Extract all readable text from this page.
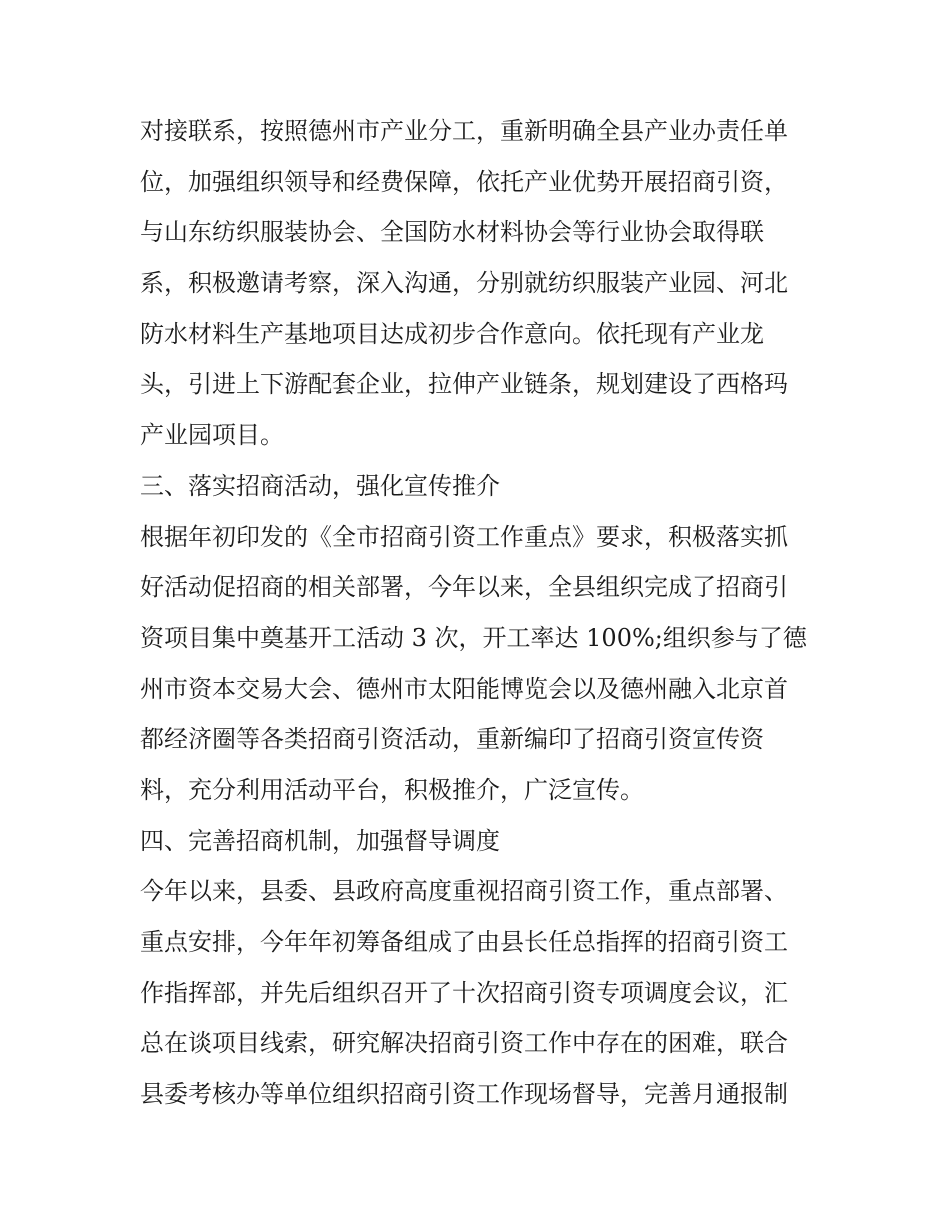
对接联系，按照德州市产业分工，重新明确全县产业办责任单
位，加强组织领导和经费保障，依托产业优势开展招商引资，
与山东纺织服装协会、全国防水材料协会等行业协会取得联
系，积极邀请考察，深入沟通，分别就纺织服装产业园、河北
防水材料生产基地项目达成初步合作意向。依托现有产业龙
头，引进上下游配套企业，拉伸产业链条，规划建设了西格玛
产业园项目。
三、落实招商活动，强化宣传推介
根据年初印发的《全市招商引资工作重点》要求，积极落实抓
好活动促招商的相关部署，今年以来，全县组织完成了招商引
资项目集中奠基开工活动 3 次，开工率达 100%;组织参与了德
州市资本交易大会、德州市太阳能博览会以及德州融入北京首
都经济圈等各类招商引资活动，重新编印了招商引资宣传资
料，充分利用活动平台，积极推介，广泛宣传。
四、完善招商机制，加强督导调度
今年以来，县委、县政府高度重视招商引资工作，重点部署、
重点安排，今年年初筹备组成了由县长任总指挥的招商引资工
作指挥部，并先后组织召开了十次招商引资专项调度会议，汇
总在谈项目线索，研究解决招商引资工作中存在的困难，联合
县委考核办等单位组织招商引资工作现场督导，完善月通报制
